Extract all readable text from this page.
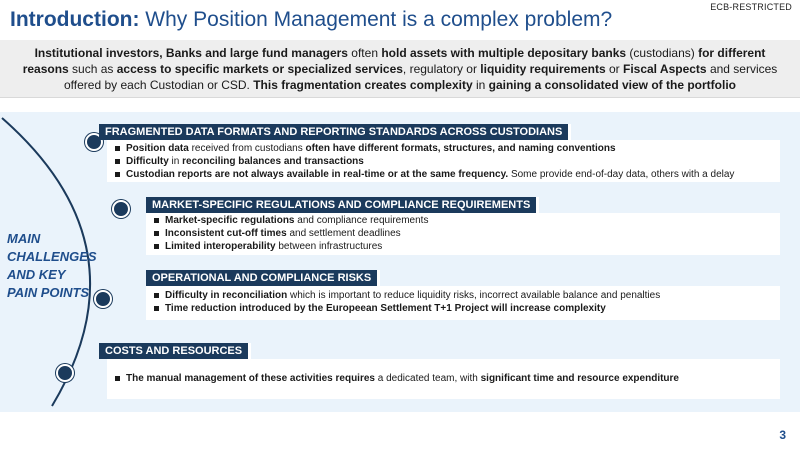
Introduction: Why Position Management is a complex problem?
ECB-RESTRICTED
Institutional investors, Banks and large fund managers often hold assets with multiple depositary banks (custodians) for different reasons such as access to specific markets or specialized services, regulatory or liquidity requirements or Fiscal Aspects and services offered by each Custodian or CSD. This fragmentation creates complexity in gaining a consolidated view of the portfolio
MAIN CHALLENGES AND KEY PAIN POINTS
FRAGMENTED DATA FORMATS AND REPORTING STANDARDS ACROSS CUSTODIANS
Position data received from custodians often have different formats, structures, and naming conventions
Difficulty in reconciling balances and transactions
Custodian reports are not always available in real-time or at the same frequency. Some provide end-of-day data, others with a delay
MARKET-SPECIFIC REGULATIONS AND COMPLIANCE REQUIREMENTS
Market-specific regulations and compliance requirements
Inconsistent cut-off times and settlement deadlines
Limited interoperability between infrastructures
OPERATIONAL AND COMPLIANCE RISKS
Difficulty in reconciliation which is important to reduce liquidity risks, incorrect available balance and penalties
Time reduction introduced by the Europeean Settlement T+1 Project will increase complexity
COSTS AND RESOURCES
The manual management of these activities requires a dedicated team, with significant time and resource expenditure
3
